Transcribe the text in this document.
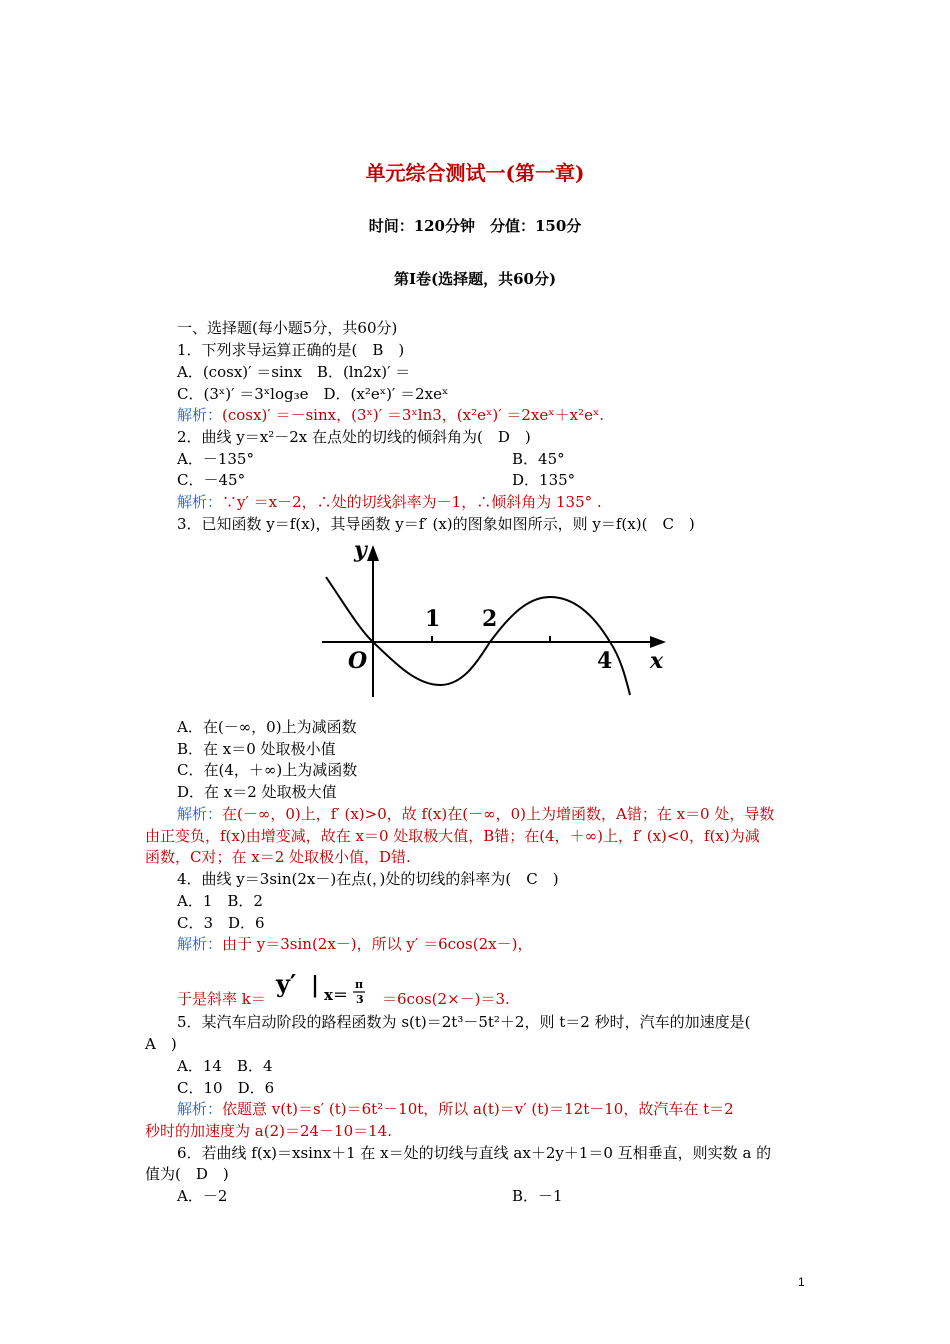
单元综合测试一(第一章)
时间：120分钟　分值：150分
第Ⅰ卷(选择题，共60分)
一、选择题(每小题5分，共60分)
1．下列求导运算正确的是(　B　)
A．(cosx)′ ＝sinx　B．(ln2x)′ ＝
C．(3ˣ)′ ＝3ˣlog₃e　D．(x²eˣ)′ ＝2xeˣ
解析：(cosx)′ ＝－sinx，(3ˣ)′ ＝3ˣln3，(x²eˣ)′ ＝2xeˣ＋x²eˣ.
2．曲线 y＝x²－2x 在点处的切线的倾斜角为(　D　)
A．－135°	B．45°
C．－45°	D．135°
解析：∵y′ ＝x－2，∴处的切线斜率为－1，∴倾斜角为 135° .
3．已知函数 y＝f(x)，其导函数 y＝f′ (x)的图象如图所示，则 y＝f(x)(　C　)
y
x
O
1 2
4
A．在(－∞，0)上为减函数
B．在 x＝0 处取极小值
C．在(4，＋∞)上为减函数
D．在 x＝2 处取极大值
解析：在(－∞，0)上，f′ (x)>0，故 f(x)在(－∞，0)上为增函数，A错；在 x＝0 处，导数
由正变负，f(x)由增变减，故在 x＝0 处取极大值，B错；在(4，＋∞)上，f′ (x)<0，f(x)为减
函数，C对；在 x＝2 处取极小值，D错.
4．曲线 y＝3sin(2x－)在点(，)处的切线的斜率为(　C　)
A．1　B．2
C．3　D．6
解析：由于 y＝3sin(2x－)，所以 y′ ＝6cos(2x－)，
于是斜率 k＝
y′ | x＝
π
3 ＝6cos(2×－)＝3.
5．某汽车启动阶段的路程函数为 s(t)＝2t³－5t²＋2，则 t＝2 秒时，汽车的加速度是(
A　)
A．14　B．4
C．10　D．6
解析：依题意 v(t)＝s′ (t)＝6t²－10t，所以 a(t)＝v′ (t)＝12t－10，故汽车在 t＝2
秒时的加速度为 a(2)＝24－10＝14.
6．若曲线 f(x)＝xsinx＋1 在 x＝处的切线与直线 ax＋2y＋1＝0 互相垂直，则实数 a 的
值为(　D　)
A．－2	B．－1
1
